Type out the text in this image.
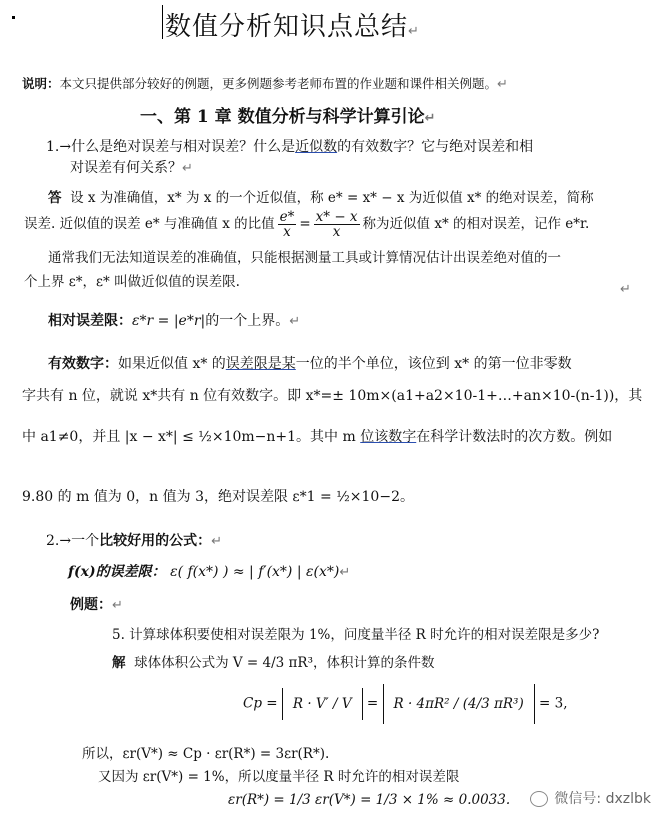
数值分析知识点总结↵
说明：本文只提供部分较好的例题，更多例题参考老师布置的作业题和课件相关例题。↵
一、第 1 章 数值分析与科学计算引论↵
1.→什么是绝对误差与相对误差？什么是近似数的有效数字？它与绝对误差和相
对误差有何关系？↵
答 设 x 为准确值，x* 为 x 的一个近似值，称 e* = x* − x 为近似值 x* 的绝对误差，简称
误差. 近似值的误差 e* 与准确值 x 的比值 $\frac{e*}{x} = \frac{x* - x}{x}$ 称为近似值 x* 的相对误差，记作 e*r.
通常我们无法知道误差的准确值，只能根据测量工具或计算情况估计出误差绝对值的一
个上界 ε*，ε* 叫做近似值的误差限.	↵
相对误差限：ε*r = |e*r|的一个上界。↵
有效数字：如果近似值 x* 的误差限是某一位的半个单位，该位到 x* 的第一位非零数
字共有 n 位，就说 x*共有 n 位有效数字。即 x*=± 10m×(a1+a2×10-1+…+an×10-(n-1))，其
中 a1≠0，并且 |x − x*| ≤ ½×10m−n+1。其中 m 位该数字在科学计数法时的次方数。例如
9.80 的 m 值为 0，n 值为 3，绝对误差限 ε*1 = ½×10−2。
2.→一个比较好用的公式：↵
f(x)的误差限： ε( f(x*) ) ≈ | f′(x*) | ε(x*)↵
例题：↵
5. 计算球体积要使相对误差限为 1%，问度量半径 R 时允许的相对误差限是多少?
解 球体体积公式为 V = 4/3 πR³，体积计算的条件数
Cp = R · V′ / V = R · 4πR² / (4/3 πR³) = 3,
所以，εr(V*) ≈ Cp · εr(R*) = 3εr(R*).
又因为 εr(V*) = 1%，所以度量半径 R 时允许的相对误差限
εr(R*) = 1/3 εr(V*) = 1/3 × 1% ≈ 0.0033.	微信号: dxzlbk
